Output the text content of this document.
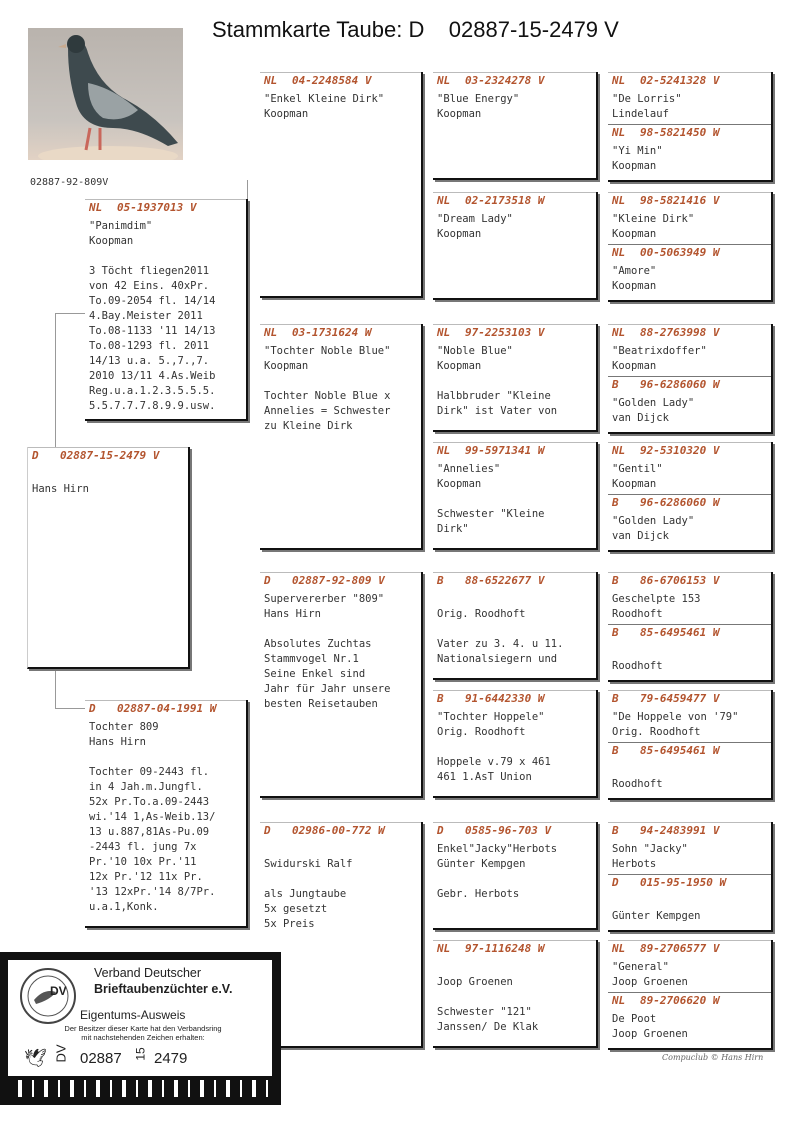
Stammkarte Taube: D    02887-15-2479 V
02887-92-809V
D 02887-15-2479 V
Hans Hirn
NL 05-1937013 V
"Panimdim"
Koopman
3 Töcht fliegen2011
von 42 Eins. 40xPr.
To.09-2054 fl. 14/14
4.Bay.Meister 2011
To.08-1133 '11 14/13
To.08-1293 fl. 2011
14/13 u.a. 5.,7.,7.
2010 13/11 4.As.Weib
Reg.u.a.1.2.3.5.5.5.
5.5.7.7.7.8.9.9.usw.
D 02887-04-1991 W
Tochter 809
Hans Hirn
Tochter 09-2443 fl.
in 4 Jah.m.Jungfl.
52x Pr.To.a.09-2443
wi.'14 1,As-Weib.13/
13 u.887,81As-Pu.09
-2443 fl. jung 7x
Pr.'10 10x Pr.'11
12x Pr.'12 11x Pr.
'13 12xPr.'14 8/7Pr.
u.a.1,Konk.
NL 04-2248584 V
"Enkel Kleine Dirk"
Koopman
NL 03-1731624 W
"Tochter Noble Blue"
Koopman
Tochter Noble Blue x
Annelies = Schwester
zu Kleine Dirk
D 02887-92-809 V
Supervererber "809"
Hans Hirn
Absolutes Zuchtas
Stammvogel Nr.1
Seine Enkel sind
Jahr für Jahr unsere
besten Reisetauben
D 02986-00-772 W
Swidurski Ralf
als Jungtaube
5x gesetzt
5x Preis
NL 03-2324278 V
"Blue Energy"
Koopman
NL 02-2173518 W
"Dream Lady"
Koopman
NL 97-2253103 V
"Noble Blue"
Koopman
Halbbruder "Kleine
Dirk" ist Vater von
NL 99-5971341 W
"Annelies"
Koopman
Schwester "Kleine
Dirk"
B 88-6522677 V
Orig. Roodhoft
Vater zu 3. 4. u 11.
Nationalsiegern und
B 91-6442330 W
"Tochter Hoppele"
Orig. Roodhoft
Hoppele v.79 x 461
461 1.AsT Union
D 0585-96-703 V
Enkel"Jacky"Herbots
Günter Kempgen
Gebr. Herbots
NL 97-1116248 W
Joop Groenen
Schwester "121"
Janssen/ De Klak
NL 02-5241328 V
"De Lorris"
Lindelauf
NL 98-5821450 W
"Yi Min"
Koopman
NL 98-5821416 V
"Kleine Dirk"
Koopman
NL 00-5063949 W
"Amore"
Koopman
NL 88-2763998 V
"Beatrixdoffer"
Koopman
B 96-6286060 W
"Golden Lady"
van Dijck
NL 92-5310320 V
"Gentil"
Koopman
B 96-6286060 W
"Golden Lady"
van Dijck
B 86-6706153 V
Geschelpte 153
Roodhoft
B 85-6495461 W
Roodhoft
B 79-6459477 V
"De Hoppele von '79"
Orig. Roodhoft
B 85-6495461 W
Roodhoft
B 94-2483991 V
Sohn "Jacky"
Herbots
D 015-95-1950 W
Günter Kempgen
NL 89-2706577 V
"General"
Joop Groenen
NL 89-2706620 W
De Poot
Joop Groenen
Compuclub © Hans Hirn
DV
Verband Deutscher
Brieftaubenzüchter e.V.
Eigentums-Ausweis
Der Besitzer dieser Karte hat den Verbandsring
mit nachstehenden Zeichen erhalten:
🕊 DV 02887 15 2479
